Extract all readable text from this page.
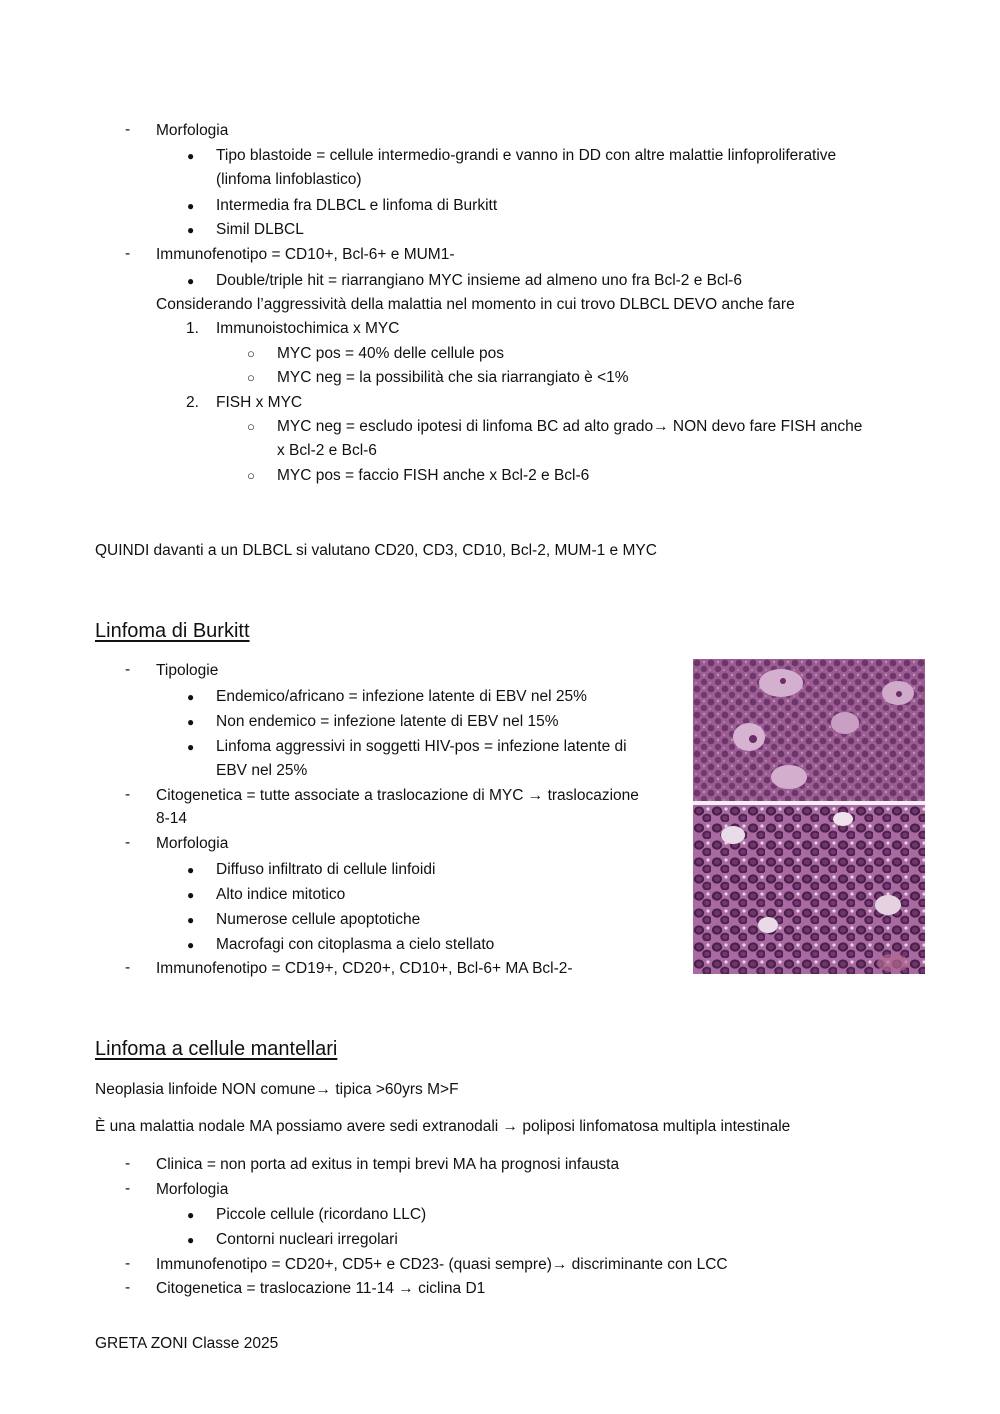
- Morfologia
● Tipo blastoide = cellule intermedio-grandi e vanno in DD con altre malattie linfoproliferative
(linfoma linfoblastico)
● Intermedia fra DLBCL e linfoma di Burkitt
● Simil DLBCL
- Immunofenotipo = CD10+, Bcl-6+ e MUM1-
● Double/triple hit = riarrangiano MYC insieme ad almeno uno fra Bcl-2 e Bcl-6
Considerando l’aggressività della malattia nel momento in cui trovo DLBCL DEVO anche fare
1. Immunoistochimica x MYC
○ MYC pos = 40% delle cellule pos
○ MYC neg = la possibilità che sia riarrangiato è <1%
2. FISH x MYC
○ MYC neg = escludo ipotesi di linfoma BC ad alto grado→ NON devo fare FISH anche
x Bcl-2 e Bcl-6
○ MYC pos = faccio FISH anche x Bcl-2 e Bcl-6
QUINDI davanti a un DLBCL si valutano CD20, CD3, CD10, Bcl-2, MUM-1 e MYC
Linfoma di Burkitt
- Tipologie
● Endemico/africano = infezione latente di EBV nel 25%
● Non endemico = infezione latente di EBV nel 15%
● Linfoma aggressivi in soggetti HIV-pos = infezione latente di
EBV nel 25%
- Citogenetica = tutte associate a traslocazione di MYC → traslocazione
8-14
- Morfologia
● Diffuso infiltrato di cellule linfoidi
● Alto indice mitotico
● Numerose cellule apoptotiche
● Macrofagi con citoplasma a cielo stellato
- Immunofenotipo = CD19+, CD20+, CD10+, Bcl-6+ MA Bcl-2-
Linfoma a cellule mantellari
Neoplasia linfoide NON comune→ tipica >60yrs M>F
È una malattia nodale MA possiamo avere sedi extranodali → poliposi linfomatosa multipla intestinale
- Clinica = non porta ad exitus in tempi brevi MA ha prognosi infausta
- Morfologia
● Piccole cellule (ricordano LLC)
● Contorni nucleari irregolari
- Immunofenotipo = CD20+, CD5+ e CD23- (quasi sempre)→ discriminante con LCC
- Citogenetica = traslocazione 11-14 → ciclina D1
GRETA ZONI Classe 2025
